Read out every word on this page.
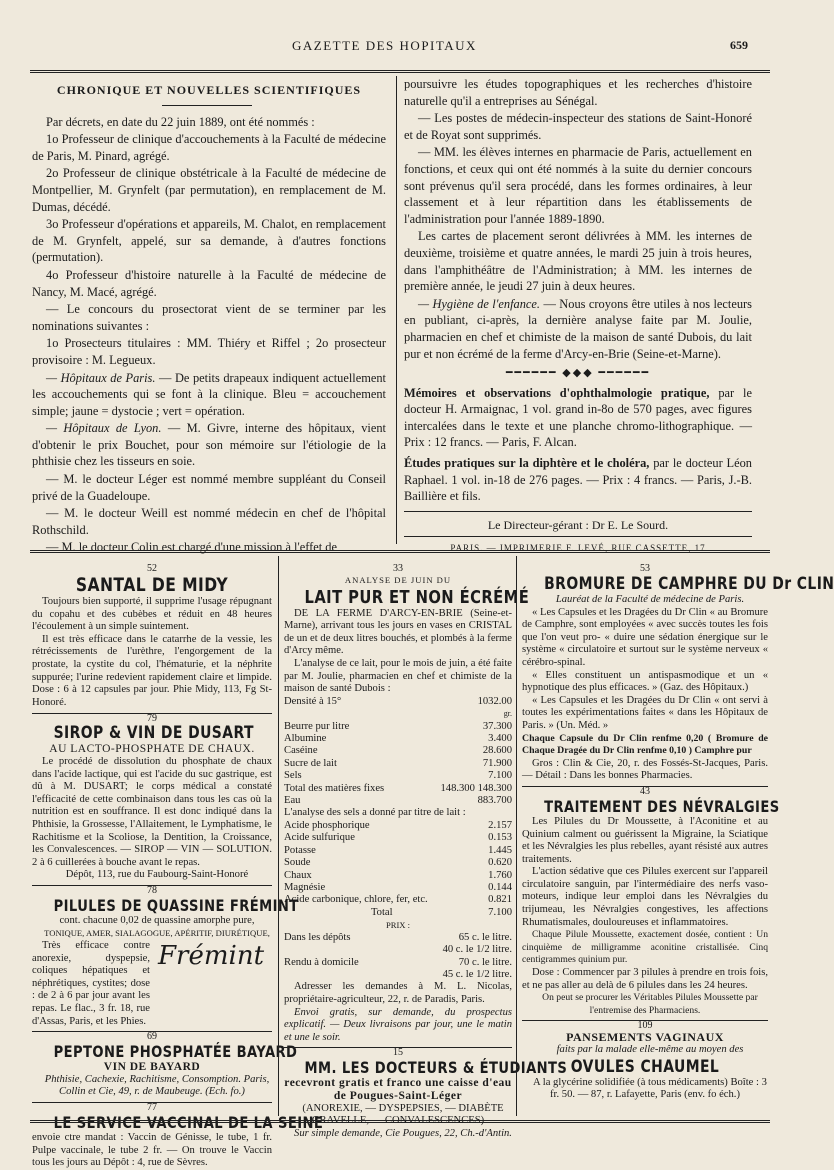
GAZETTE DES HOPITAUX	659
CHRONIQUE ET NOUVELLES SCIENTIFIQUES

Par décrets, en date du 22 juin 1889, ont été nommés :

1o Professeur de clinique d'accouchements à la Faculté de médecine de Paris, M. Pinard, agrégé.

2o Professeur de clinique obstétricale à la Faculté de médecine de Montpellier, M. Grynfelt (par permutation), en remplacement de M. Dumas, décédé.

3o Professeur d'opérations et appareils, M. Chalot, en remplacement de M. Grynfelt, appelé, sur sa demande, à d'autres fonctions (permutation).

4o Professeur d'histoire naturelle à la Faculté de médecine de Nancy, M. Macé, agrégé.

— Le concours du prosectorat vient de se terminer par les nominations suivantes :

1o Prosecteurs titulaires : MM. Thiéry et Riffel ; 2o prosecteur provisoire : M. Legueux.

— Hôpitaux de Paris. — De petits drapeaux indiquent actuellement les accouchements qui se font à la clinique. Bleu = accouchement simple; jaune = dystocie ; vert = opération.

— Hôpitaux de Lyon. — M. Givre, interne des hôpitaux, vient d'obtenir le prix Bouchet, pour son mémoire sur l'étiologie de la phthisie chez les tisseurs en soie.

— M. le docteur Léger est nommé membre suppléant du Conseil privé de la Guadeloupe.

— M. le docteur Weill est nommé médecin en chef de l'hôpital Rothschild.

— M. le docteur Colin est chargé d'une mission à l'effet de

poursuivre les études topographiques et les recherches d'histoire naturelle qu'il a entreprises au Sénégal.

— Les postes de médecin-inspecteur des stations de Saint-Honoré et de Royat sont supprimés.

— MM. les élèves internes en pharmacie de Paris, actuellement en fonctions, et ceux qui ont été nommés à la suite du dernier concours sont prévenus qu'il sera procédé, dans les formes ordinaires, à leur classement et à leur répartition dans les établissements de l'administration pour l'année 1889-1890.

Les cartes de placement seront délivrées à MM. les internes de deuxième, troisième et quatre années, le mardi 25 juin à trois heures, dans l'amphithéâtre de l'Administration; à MM. les internes de première année, le jeudi 27 juin à deux heures.

— Hygiène de l'enfance. — Nous croyons être utiles à nos lecteurs en publiant, ci-après, la dernière analyse faite par M. Joulie, pharmacien en chef et chimiste de la maison de santé Dubois, du lait pur et non écrémé de la ferme d'Arcy-en-Brie (Seine-et-Marne).

━━━━━━ ◆◆◆ ━━━━━━

Mémoires et observations d'ophthalmologie pratique, par le docteur H. Armaignac, 1 vol. grand in-8o de 570 pages, avec figures intercalées dans le texte et une planche chromo-lithographique. — Prix : 12 francs. — Paris, F. Alcan.

Études pratiques sur la diphtère et le choléra, par le docteur Léon Raphael. 1 vol. in-18 de 276 pages. — Prix : 4 francs. — Paris, J.-B. Baillière et fils.

Le Directeur-gérant : Dr E. Le Sourd.
PARIS. — IMPRIMERIE F. LEVÉ, RUE CASSETTE, 17
52
SANTAL DE MIDY

Toujours bien supporté, il supprime l'usage répugnant du copahu et des cubèbes et réduit en 48 heures l'écoulement à un simple suintement.

Il est très efficace dans le catarrhe de la vessie, les rétrécissements de l'urèthre, l'engorgement de la prostate, la cystite du col, l'hématurie, et la néphrite suppurée; l'urine redevient rapidement claire et limpide. Dose : 6 à 12 capsules par jour. Phie Midy, 113, Fg St-Honoré.

79
SIROP & VIN DE DUSART
AU LACTO-PHOSPHATE DE CHAUX.

Le procédé de dissolution du phosphate de chaux dans l'acide lactique, qui est l'acide du suc gastrique, est dû à M. DUSART; le corps médical a constaté l'efficacité de cette combinaison dans tous les cas où la nutrition est en souffrance. Il est donc indiqué dans la Phthisie, la Grossesse, l'Allaitement, le Lymphatisme, le Rachitisme et la Scoliose, la Dentition, la Croissance, les Convalescences. — SIROP — VIN — SOLUTION. 2 à 6 cuillerées à bouche avant le repas.

Dépôt, 113, rue du Faubourg-Saint-Honoré

78
PILULES DE QUASSINE FRÉMINT

cont. chacune 0,02 de quassine amorphe pure,

TONIQUE, AMER, SIALAGOGUE, APÉRITIF, DIURÉTIQUE,

Très efficace contre anorexie, dyspepsie, coliques hépatiques et néphrétiques, cystites; dose : de 2 à 6 par jour avant les repas. Le flac., 3 fr. 18, rue d'Assas, Paris, et les Phies.

Frémint
69
PEPTONE PHOSPHATÉE BAYARD
VIN DE BAYARD

Phthisie, Cachexie, Rachitisme, Consomption. Paris, Collin et Cie, 49, r. de Maubeuge. (Ech. fo.)

77
LE SERVICE VACCINAL DE LA SEINE

envoie ctre mandat : Vaccin de Génisse, le tube, 1 fr. Pulpe vaccinale, le tube 2 fr. — On trouve le Vaccin tous les jours au Dépôt : 4, rue de Sèvres.

33
ANALYSE DE JUIN DU
LAIT PUR ET NON ÉCRÉMÉ

DE LA FERME D'ARCY-EN-BRIE (Seine-et-Marne), arrivant tous les jours en vases en CRISTAL de un et de deux litres bouchés, et plombés à la ferme d'Arcy même.

L'analyse de ce lait, pour le mois de juin, a été faite par M. Joulie, pharmacien en chef et chimiste de la maison de santé Dubois :

Densité à 15°	1032.00
	gr.
Beurre pur litre	37.300
Albumine	3.400
Caséine	28.600
Sucre de lait	71.900
Sels	7.100
Total des matières fixes	148.300 148.300
Eau	883.700

L'analyse des sels a donné par titre de lait :

Acide phosphorique	2.157
Acide sulfurique	0.153
Potasse	1.445
Soude	0.620
Chaux	1.760
Magnésie	0.144
Acide carbonique, chlore, fer, etc.	0.821
Total	7.100
PRIX :
Dans les dépôts	65 c. le litre.
	40 c. le 1/2 litre.
Rendu à domicile	70 c. le litre.
	45 c. le 1/2 litre.

Adresser les demandes à M. L. Nicolas, propriétaire-agriculteur, 22, r. de Paradis, Paris.

Envoi gratis, sur demande, du prospectus explicatif. — Deux livraisons par jour, une le matin et une le soir.

15
MM. LES DOCTEURS & ÉTUDIANTS
recevront gratis et franco une caisse d'eau de Pougues-Saint-Léger

(ANOREXIE, — DYSPEPSIES, — DIABÈTE GRAVELLE, — CONVALESCENCES)

Sur simple demande, Cie Pougues, 22, Ch.-d'Antin.

53
BROMURE DE CAMPHRE DU Dr CLIN

Lauréat de la Faculté de médecine de Paris.

« Les Capsules et les Dragées du Dr Clin « au Bromure de Camphre, sont employées « avec succès toutes les fois que l'on veut pro- « duire une sédation énergique sur le système « circulatoire et surtout sur le système nerveux « cérébro-spinal.

« Elles constituent un antispasmodique et un « hypnotique des plus efficaces. » (Gaz. des Hôpitaux.)

« Les Capsules et les Dragées du Dr Clin « ont servi à toutes les expérimentations faites « dans les Hôpitaux de Paris. » (Un. Méd. »

Chaque Capsule du Dr Clin renfme 0,20 ( Bromure de Chaque Dragée du Dr Clin renfme 0,10 ) Camphre pur

Gros : Clin & Cie, 20, r. des Fossés-St-Jacques, Paris. — Détail : Dans les bonnes Pharmacies.

43
TRAITEMENT DES NÉVRALGIES

Les Pilules du Dr Moussette, à l'Aconitine et au Quinium calment ou guérissent la Migraine, la Sciatique et les Névralgies les plus rebelles, ayant résisté aux autres traitements.

L'action sédative que ces Pilules exercent sur l'appareil circulatoire sanguin, par l'intermédiaire des nerfs vaso-moteurs, indique leur emploi dans les Névralgies du trijumeau, les Névralgies congestives, les affections Rhumatismales, douloureuses et inflammatoires.

Chaque Pilule Moussette, exactement dosée, contient : Un cinquième de milligramme aconitine cristallisée. Cinq centigrammes quinium pur.

Dose : Commencer par 3 pilules à prendre en trois fois, et ne pas aller au delà de 6 pilules dans les 24 heures.

On peut se procurer les Véritables Pilules Moussette par l'entremise des Pharmaciens.

109
PANSEMENTS VAGINAUX

faits par la malade elle-même au moyen des

OVULES CHAUMEL

A la glycérine solidifiée (à tous médicaments) Boîte : 3 fr. 50. — 87, r. Lafayette, Paris (env. fo éch.)
